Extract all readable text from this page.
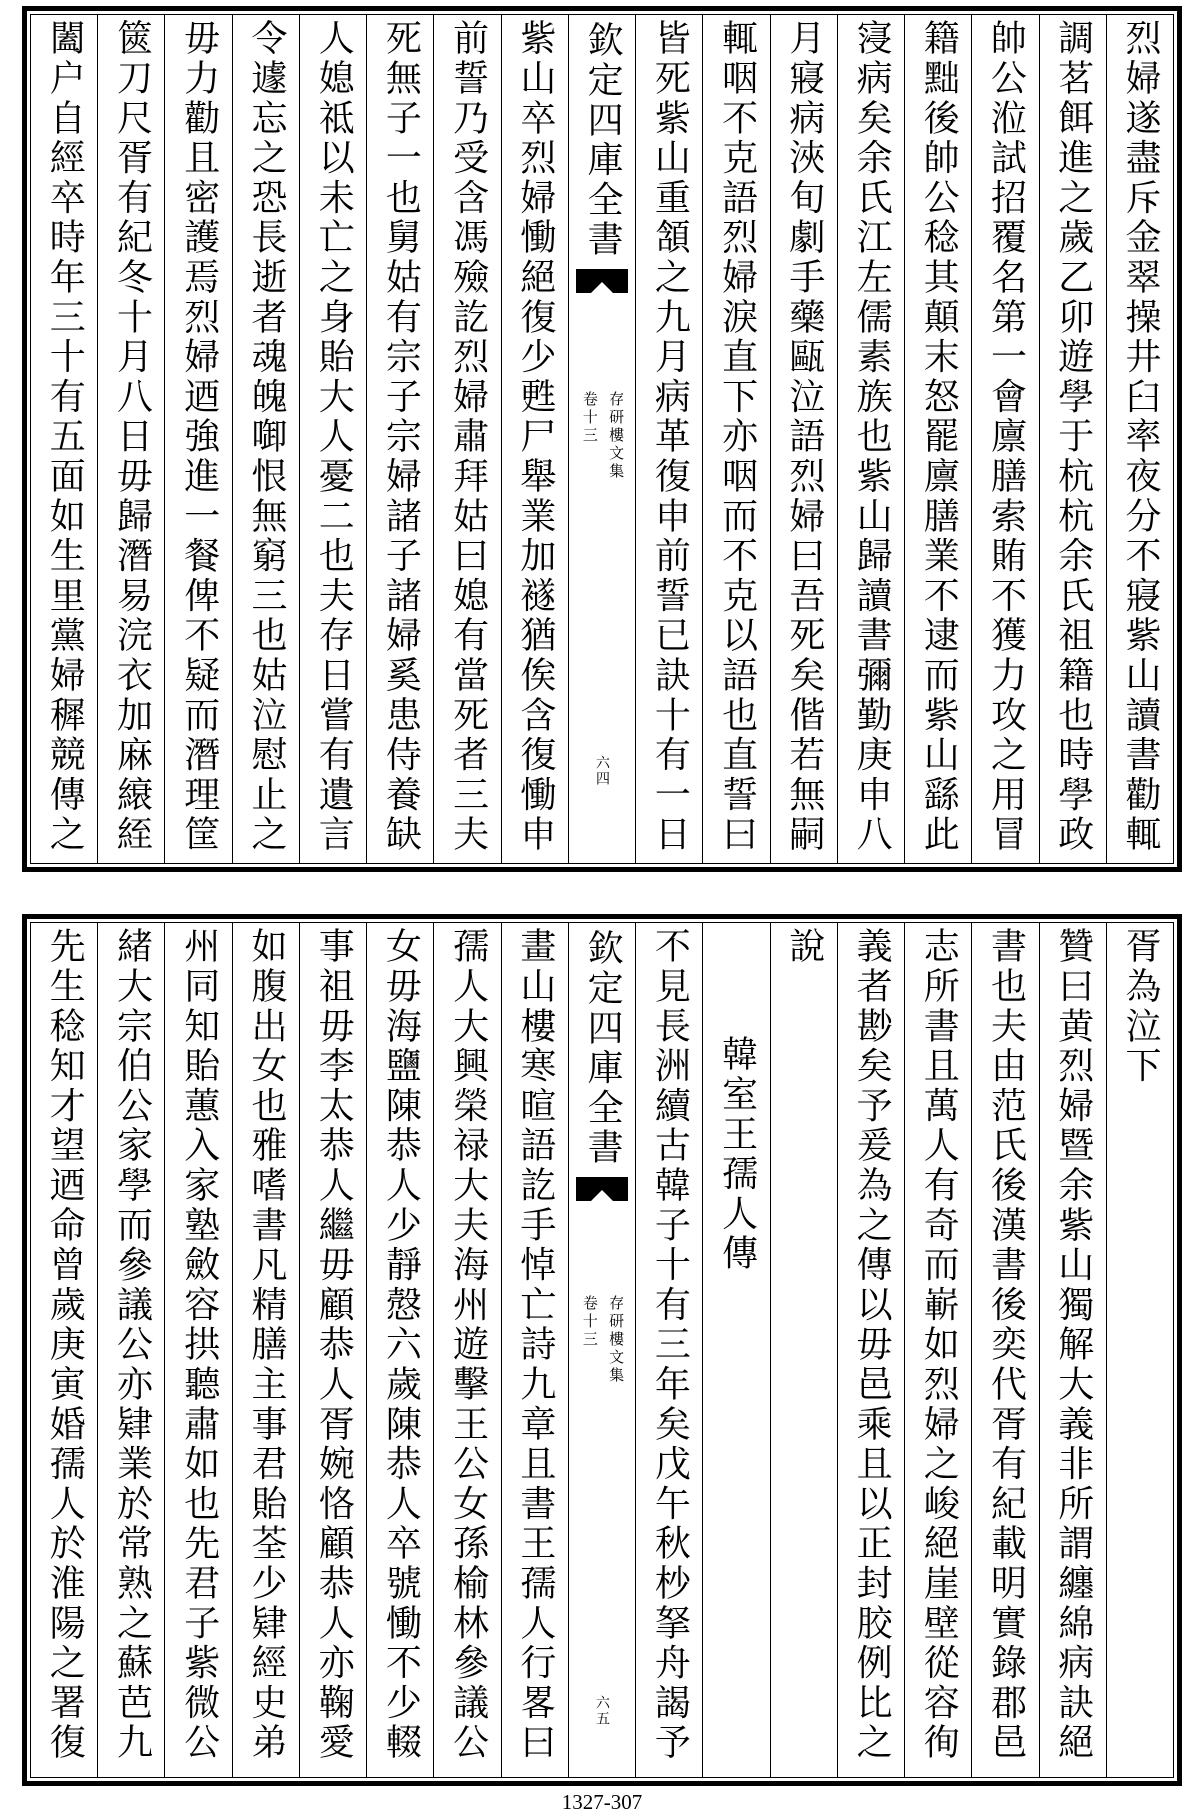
烈婦遂盡斥金翠操井臼率夜分不寢紫山讀書勸輒
調茗餌進之歲乙卯遊學于杭杭余氏祖籍也時學政
帥公涖試招覆名第一會廪膳索賄不獲力攻之用冒
籍黜後帥公稔其顛末怒罷廪膳業不逮而紫山繇此
寖病矣余氏江左儒素族也紫山歸讀書彌勤庚申八
月寢病浹旬劇手藥甌泣語烈婦曰吾死矣偕若無嗣
輒咽不克語烈婦淚直下亦咽而不克以語也直誓曰
皆死紫山重頷之九月病革復申前誓已訣十有一日
欽定四庫全書
存研樓文集
卷十三
六四
紫山卒烈婦慟絕復少甦尸舉業加襚猶俟含復慟申
前誓乃受含馮殮訖烈婦肅拜姑曰媳有當死者三夫
死無子一也舅姑有宗子宗婦諸子諸婦奚患侍養缺
人媳祗以未亡之身貽大人憂二也夫存日嘗有遺言
令遽忘之恐長逝者魂魄啣恨無窮三也姑泣慰止之
毋力勸且密護焉烈婦迺強進一餐俾不疑而潛理筐
篋刀尺胥有紀冬十月八日毋歸潛易浣衣加麻縗絰
闔户自經卒時年三十有五面如生里黨婦穉競傳之
胥為泣下
贊曰黄烈婦暨余紫山獨解大義非所謂纏綿病訣絕
書也夫由范氏後漢書後奕代胥有紀載明實錄郡邑
志所書且萬人有奇而嶄如烈婦之峻絕崖壁從容徇
義者尠矣予爰為之傳以毋邑乘且以正封胶例比之
說
韓室王孺人傳
不見長洲續古韓子十有三年矣戊午秋杪拏舟謁予
欽定四庫全書
存研樓文集
卷十三
六五
畫山樓寒暄語訖手悼亡詩九章且書王孺人行畧曰
孺人大興榮禄大夫海州遊擊王公女孫榆林參議公
女毋海鹽陳恭人少靜慤六歲陳恭人卒號慟不少輟
事祖毋李太恭人繼毋顧恭人胥婉恪顧恭人亦鞠愛
如腹出女也雅嗜書凡精膳主事君貽荃少肄經史弟
州同知貽蕙入家塾斂容拱聽肅如也先君子紫微公
緒大宗伯公家學而參議公亦肄業於常熟之蘇芭九
先生稔知才望迺命曾歲庚寅婚孺人於淮陽之署復
1327-307
